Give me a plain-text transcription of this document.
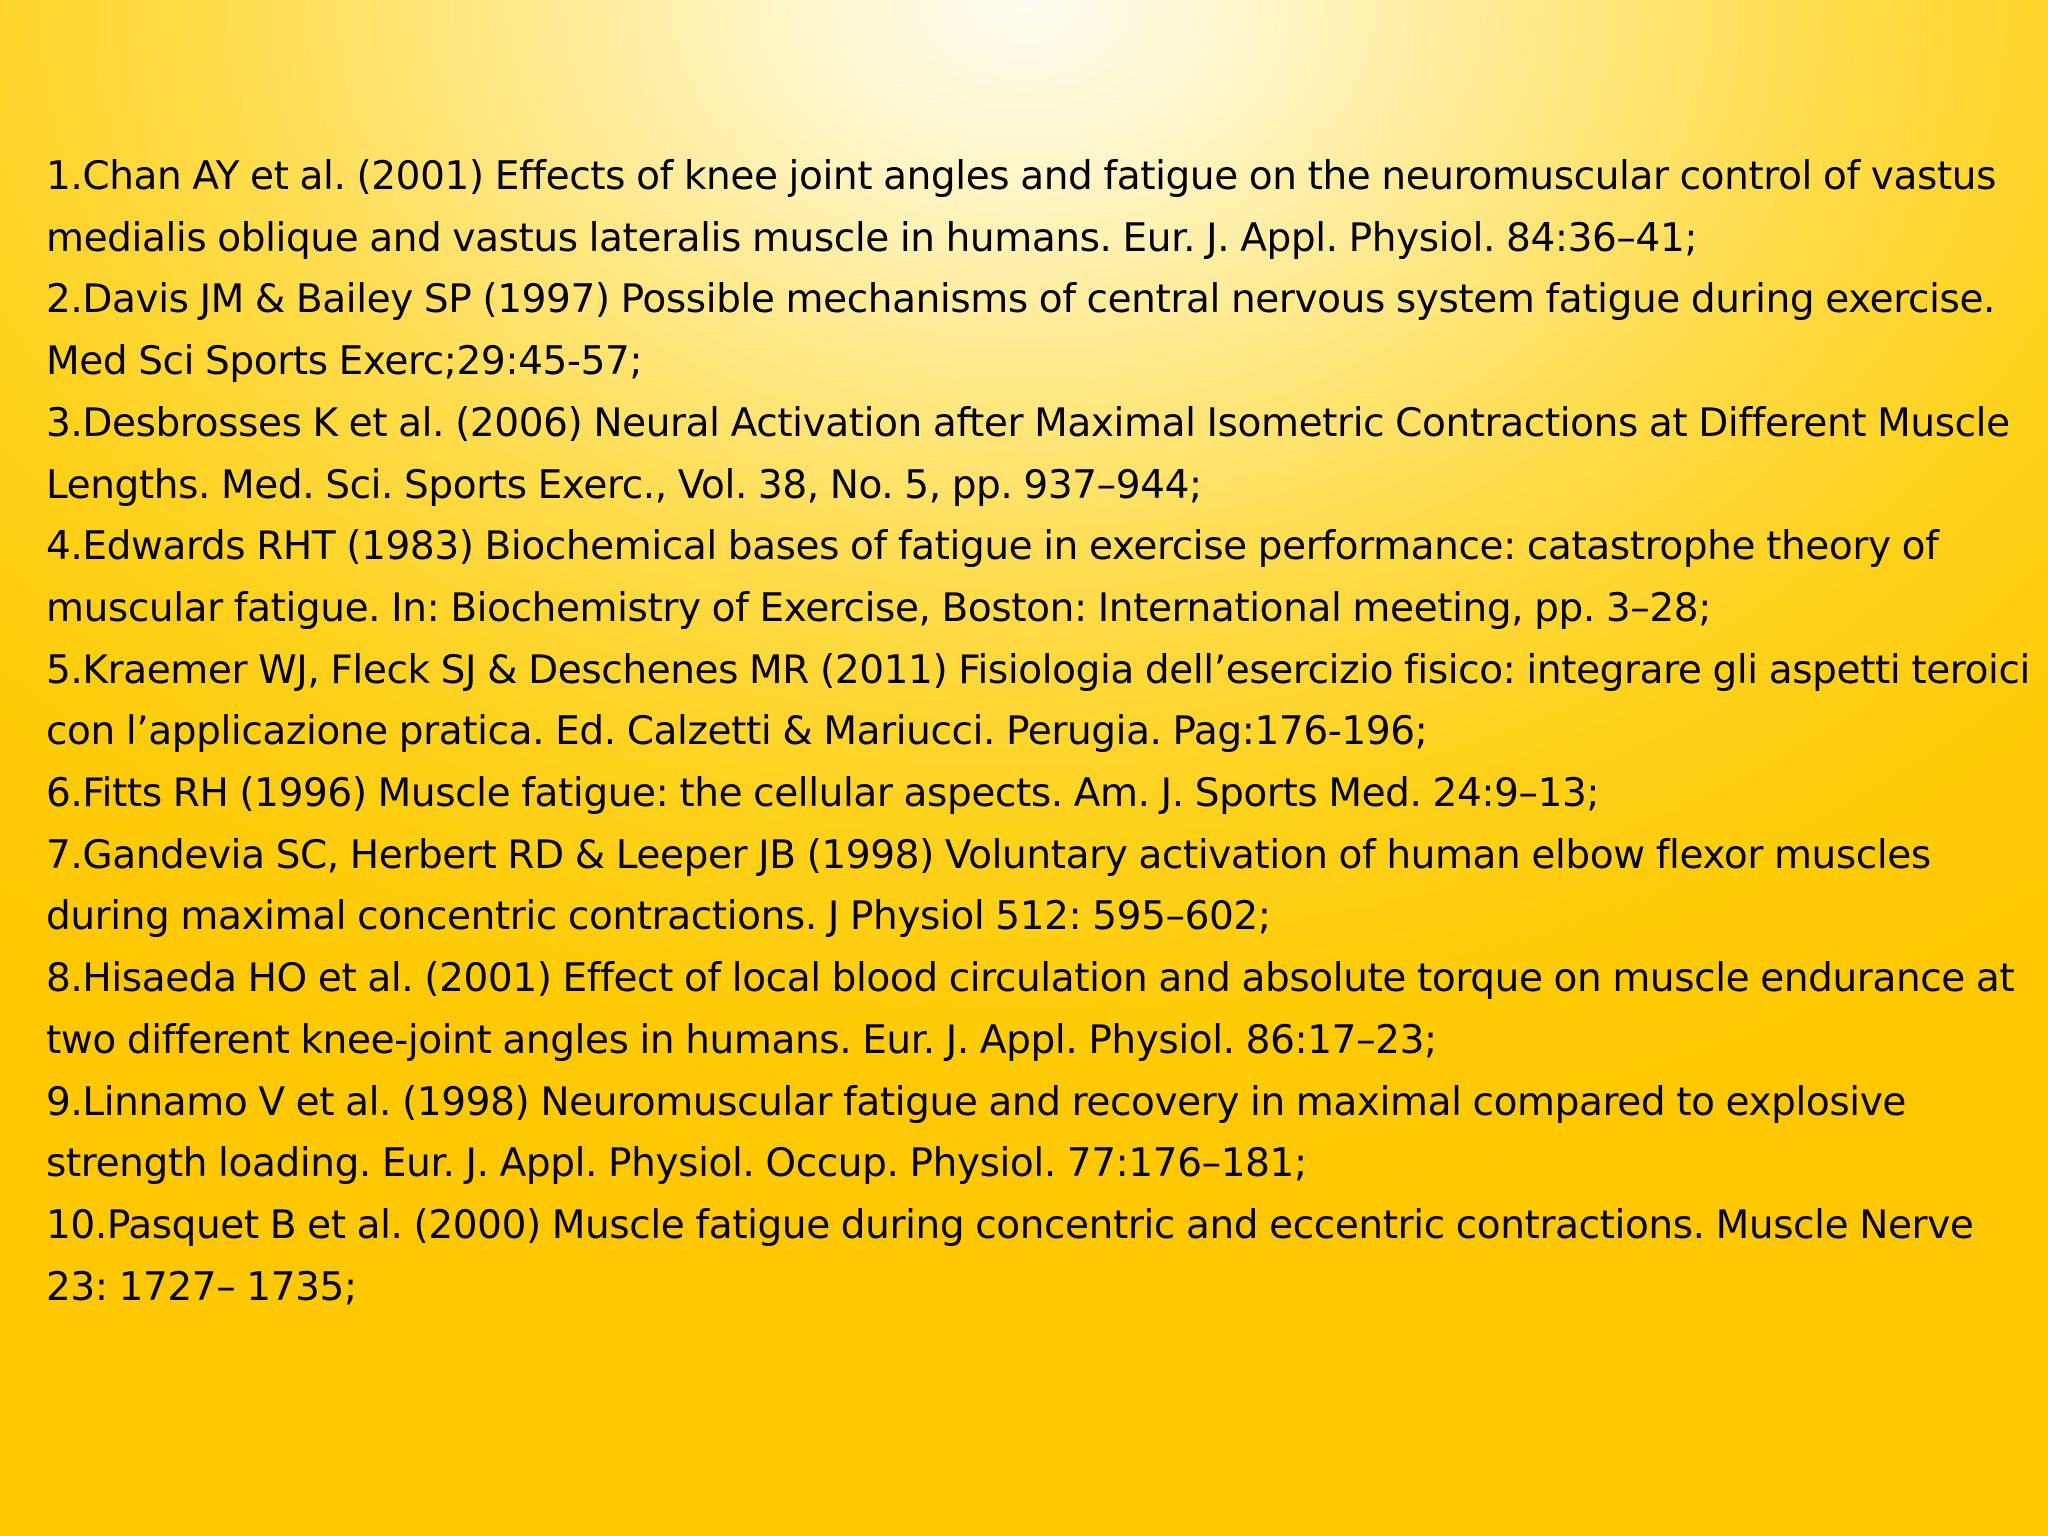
1.Chan AY et al. (2001) Effects of knee joint angles and fatigue on the neuromuscular control of vastus medialis oblique and vastus lateralis muscle in humans. Eur. J. Appl. Physiol. 84:36–41;
2.Davis JM & Bailey SP (1997) Possible mechanisms of central nervous system fatigue during exercise. Med Sci Sports Exerc;29:45-57;
3.Desbrosses K et al. (2006) Neural Activation after Maximal Isometric Contractions at Different Muscle Lengths. Med. Sci. Sports Exerc., Vol. 38, No. 5, pp. 937–944;
4.Edwards RHT (1983) Biochemical bases of fatigue in exercise performance: catastrophe theory of muscular fatigue. In: Biochemistry of Exercise, Boston: International meeting, pp. 3–28;
5.Kraemer WJ, Fleck SJ & Deschenes MR (2011) Fisiologia dell’esercizio fisico: integrare gli aspetti teroici con l’applicazione pratica. Ed. Calzetti & Mariucci. Perugia. Pag:176-196;
6.Fitts RH (1996) Muscle fatigue: the cellular aspects. Am. J. Sports Med. 24:9–13;
7.Gandevia SC, Herbert RD & Leeper JB (1998) Voluntary activation of human elbow flexor muscles during maximal concentric contractions. J Physiol 512: 595–602;
8.Hisaeda HO et al. (2001) Effect of local blood circulation and absolute torque on muscle endurance at two different knee-joint angles in humans. Eur. J. Appl. Physiol. 86:17–23;
9.Linnamo V et al. (1998) Neuromuscular fatigue and recovery in maximal compared to explosive strength loading. Eur. J. Appl. Physiol. Occup. Physiol. 77:176–181;
10.Pasquet B et al. (2000) Muscle fatigue during concentric and eccentric contractions. Muscle Nerve 23: 1727– 1735;
